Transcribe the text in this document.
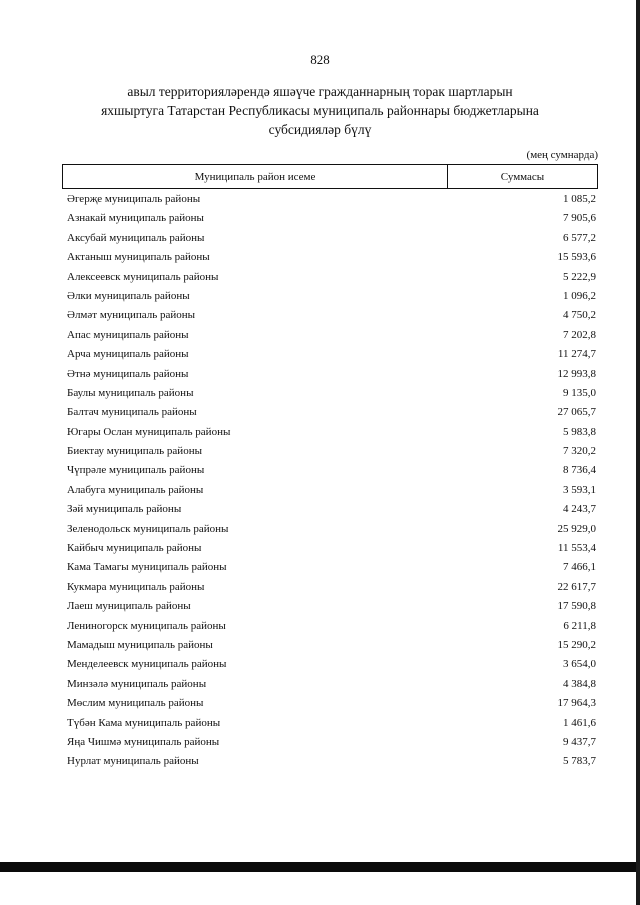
828
авыл территорияләрендә яшәүче гражданнарның торак шартларын
яхшыртуга Татарстан Республикасы муниципаль районнары бюджетларына
субсидияләр бүлү
(мең сумнарда)
Муниципаль район исеме	Суммасы
Әгерҗе муниципаль районы	1 085,2
Азнакай муниципаль районы	7 905,6
Аксубай муниципаль районы	6 577,2
Актаныш муниципаль районы	15 593,6
Алексеевск муниципаль районы	5 222,9
Әлки муниципаль районы	1 096,2
Әлмәт муниципаль районы	4 750,2
Апас муниципаль районы	7 202,8
Арча муниципаль районы	11 274,7
Әтнә муниципаль районы	12 993,8
Баулы муниципаль районы	9 135,0
Балтач муниципаль районы	27 065,7
Югары Ослан муниципаль районы	5 983,8
Биектау муниципаль районы	7 320,2
Чүпрәле муниципаль районы	8 736,4
Алабуга муниципаль районы	3 593,1
Зәй муниципаль районы	4 243,7
Зеленодольск муниципаль районы	25 929,0
Кайбыч муниципаль районы	11 553,4
Кама Тамагы муниципаль районы	7 466,1
Кукмара муниципаль районы	22 617,7
Лаеш муниципаль районы	17 590,8
Лениногорск муниципаль районы	6 211,8
Мамадыш муниципаль районы	15 290,2
Менделеевск муниципаль районы	3 654,0
Минзәлә муниципаль районы	4 384,8
Мөслим муниципаль районы	17 964,3
Түбән Кама муниципаль районы	1 461,6
Яңа Чишмә муниципаль районы	9 437,7
Нурлат муниципаль районы	5 783,7
